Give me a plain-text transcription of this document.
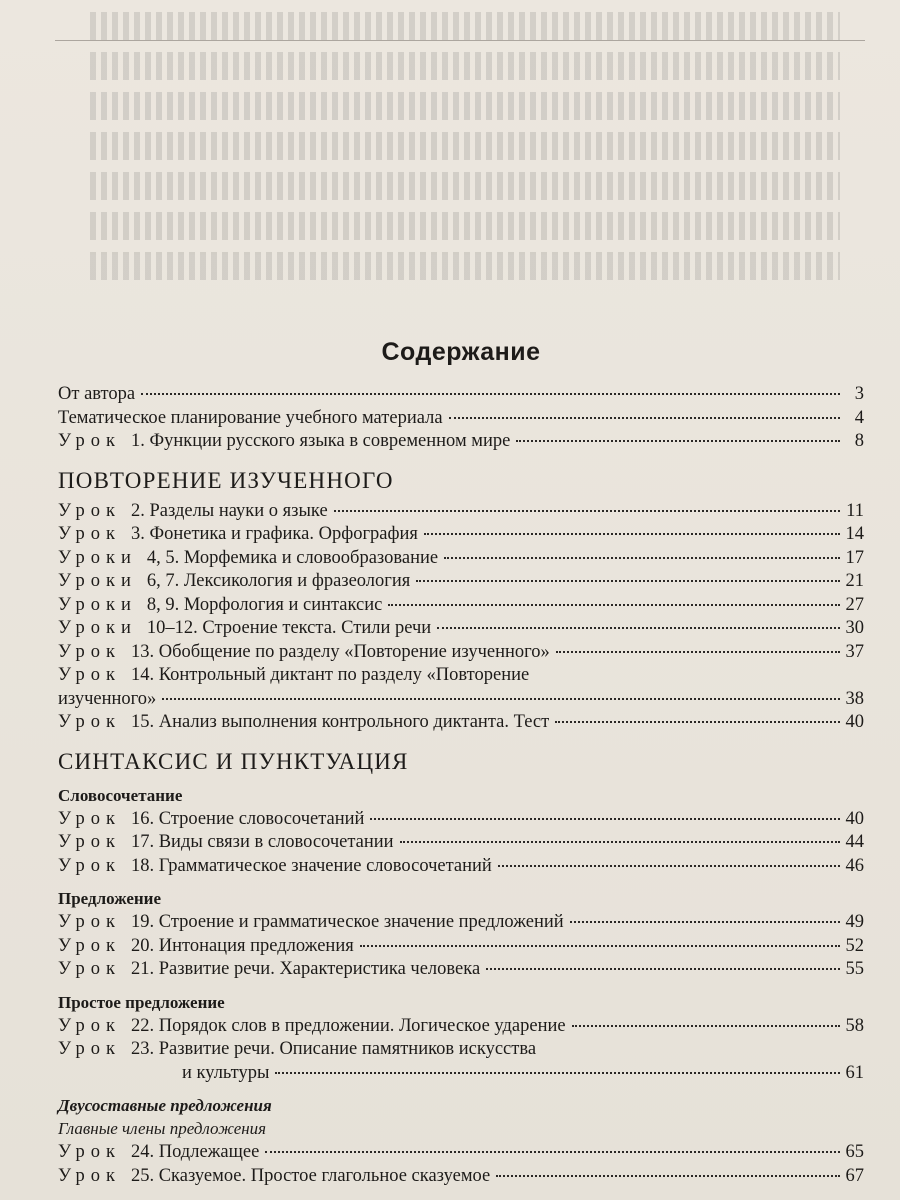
Содержание
От автора	3
Тематическое планирование учебного материала	4
Урок 1. Функции русского языка в современном мире	8
ПОВТОРЕНИЕ ИЗУЧЕННОГО
Урок 2. Разделы науки о языке	11
Урок 3. Фонетика и графика. Орфография	14
Уроки 4, 5. Морфемика и словообразование	17
Уроки 6, 7. Лексикология и фразеология	21
Уроки 8, 9. Морфология и синтаксис	27
Уроки 10–12. Строение текста. Стили речи	30
Урок 13. Обобщение по разделу «Повторение изученного»	37
Урок 14. Контрольный диктант по разделу «Повторение
изученного»	38
Урок 15. Анализ выполнения контрольного диктанта. Тест	40
СИНТАКСИС И ПУНКТУАЦИЯ
Словосочетание
Урок 16. Строение словосочетаний	40
Урок 17. Виды связи в словосочетании	44
Урок 18. Грамматическое значение словосочетаний	46
Предложение
Урок 19. Строение и грамматическое значение предложений	49
Урок 20. Интонация предложения	52
Урок 21. Развитие речи. Характеристика человека	55
Простое предложение
Урок 22. Порядок слов в предложении. Логическое ударение	58
Урок 23. Развитие речи. Описание памятников искусства
и культуры	61
Двусоставные предложения
Главные члены предложения
Урок 24. Подлежащее	65
Урок 25. Сказуемое. Простое глагольное сказуемое	67
